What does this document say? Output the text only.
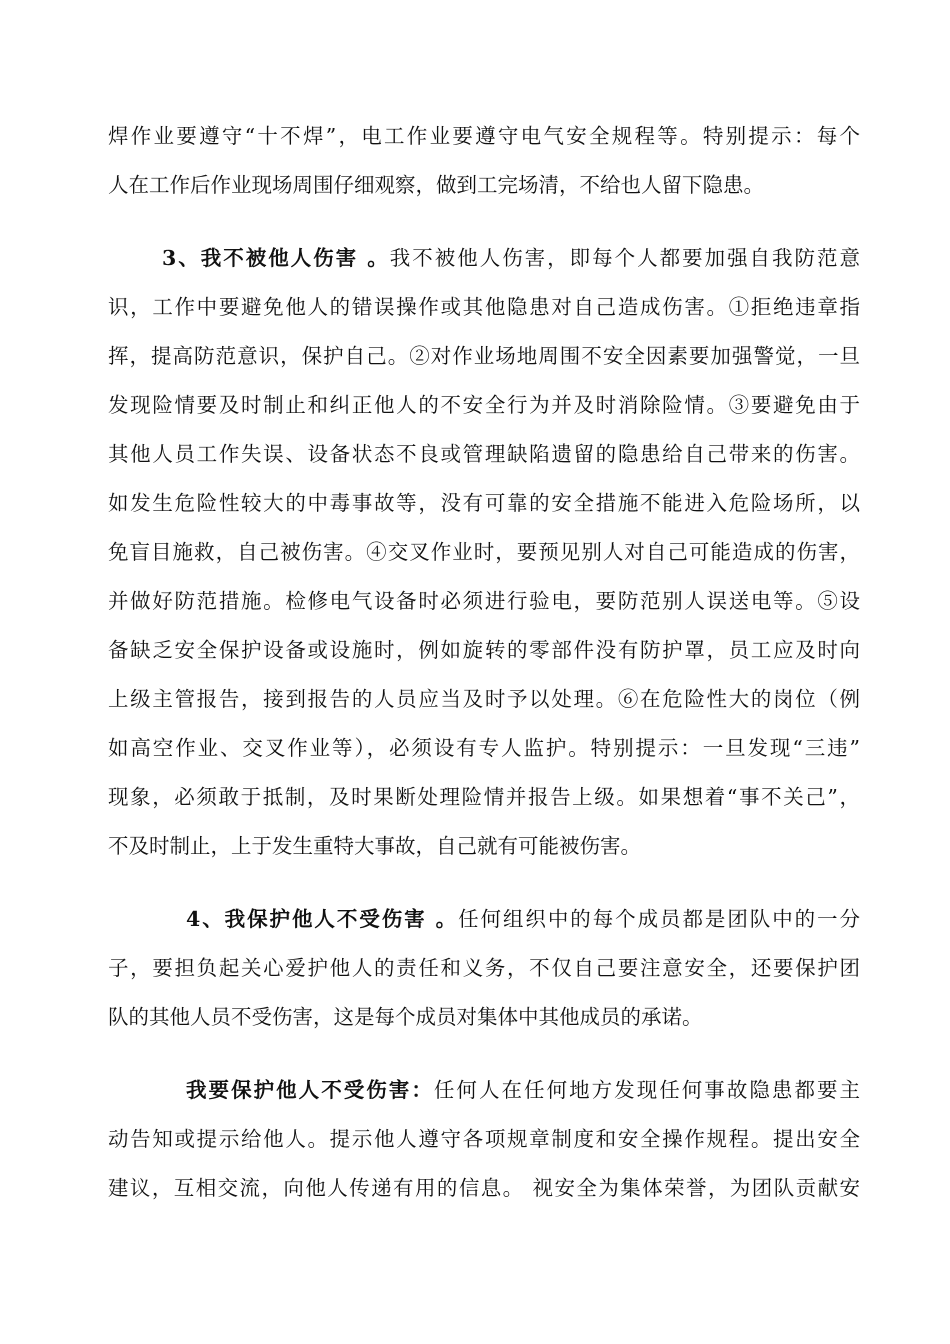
焊作业要遵守“十不焊”，电工作业要遵守电气安全规程等。特别提示：每个
人在工作后作业现场周围仔细观察，做到工完场清，不给也人留下隐患。
3、我不被他人伤害 。我不被他人伤害，即每个人都要加强自我防范意
识，工作中要避免他人的错误操作或其他隐患对自己造成伤害。①拒绝违章指
挥，提高防范意识，保护自己。②对作业场地周围不安全因素要加强警觉，一旦
发现险情要及时制止和纠正他人的不安全行为并及时消除险情。③要避免由于
其他人员工作失误、设备状态不良或管理缺陷遗留的隐患给自己带来的伤害。
如发生危险性较大的中毒事故等，没有可靠的安全措施不能进入危险场所，以
免盲目施救，自己被伤害。④交叉作业时，要预见别人对自己可能造成的伤害，
并做好防范措施。检修电气设备时必须进行验电，要防范别人误送电等。⑤设
备缺乏安全保护设备或设施时，例如旋转的零部件没有防护罩，员工应及时向
上级主管报告，接到报告的人员应当及时予以处理。⑥在危险性大的岗位（例
如高空作业、交叉作业等），必须设有专人监护。特别提示：一旦发现“三违”
现象，必须敢于抵制，及时果断处理险情并报告上级。如果想着“事不关己”，
不及时制止，上于发生重特大事故，自己就有可能被伤害。
4、我保护他人不受伤害 。任何组织中的每个成员都是团队中的一分
子，要担负起关心爱护他人的责任和义务，不仅自己要注意安全，还要保护团
队的其他人员不受伤害，这是每个成员对集体中其他成员的承诺。
我要保护他人不受伤害：任何人在任何地方发现任何事故隐患都要主
动告知或提示给他人。提示他人遵守各项规章制度和安全操作规程。提出安全
建议，互相交流，向他人传递有用的信息。 视安全为集体荣誉，为团队贡献安
